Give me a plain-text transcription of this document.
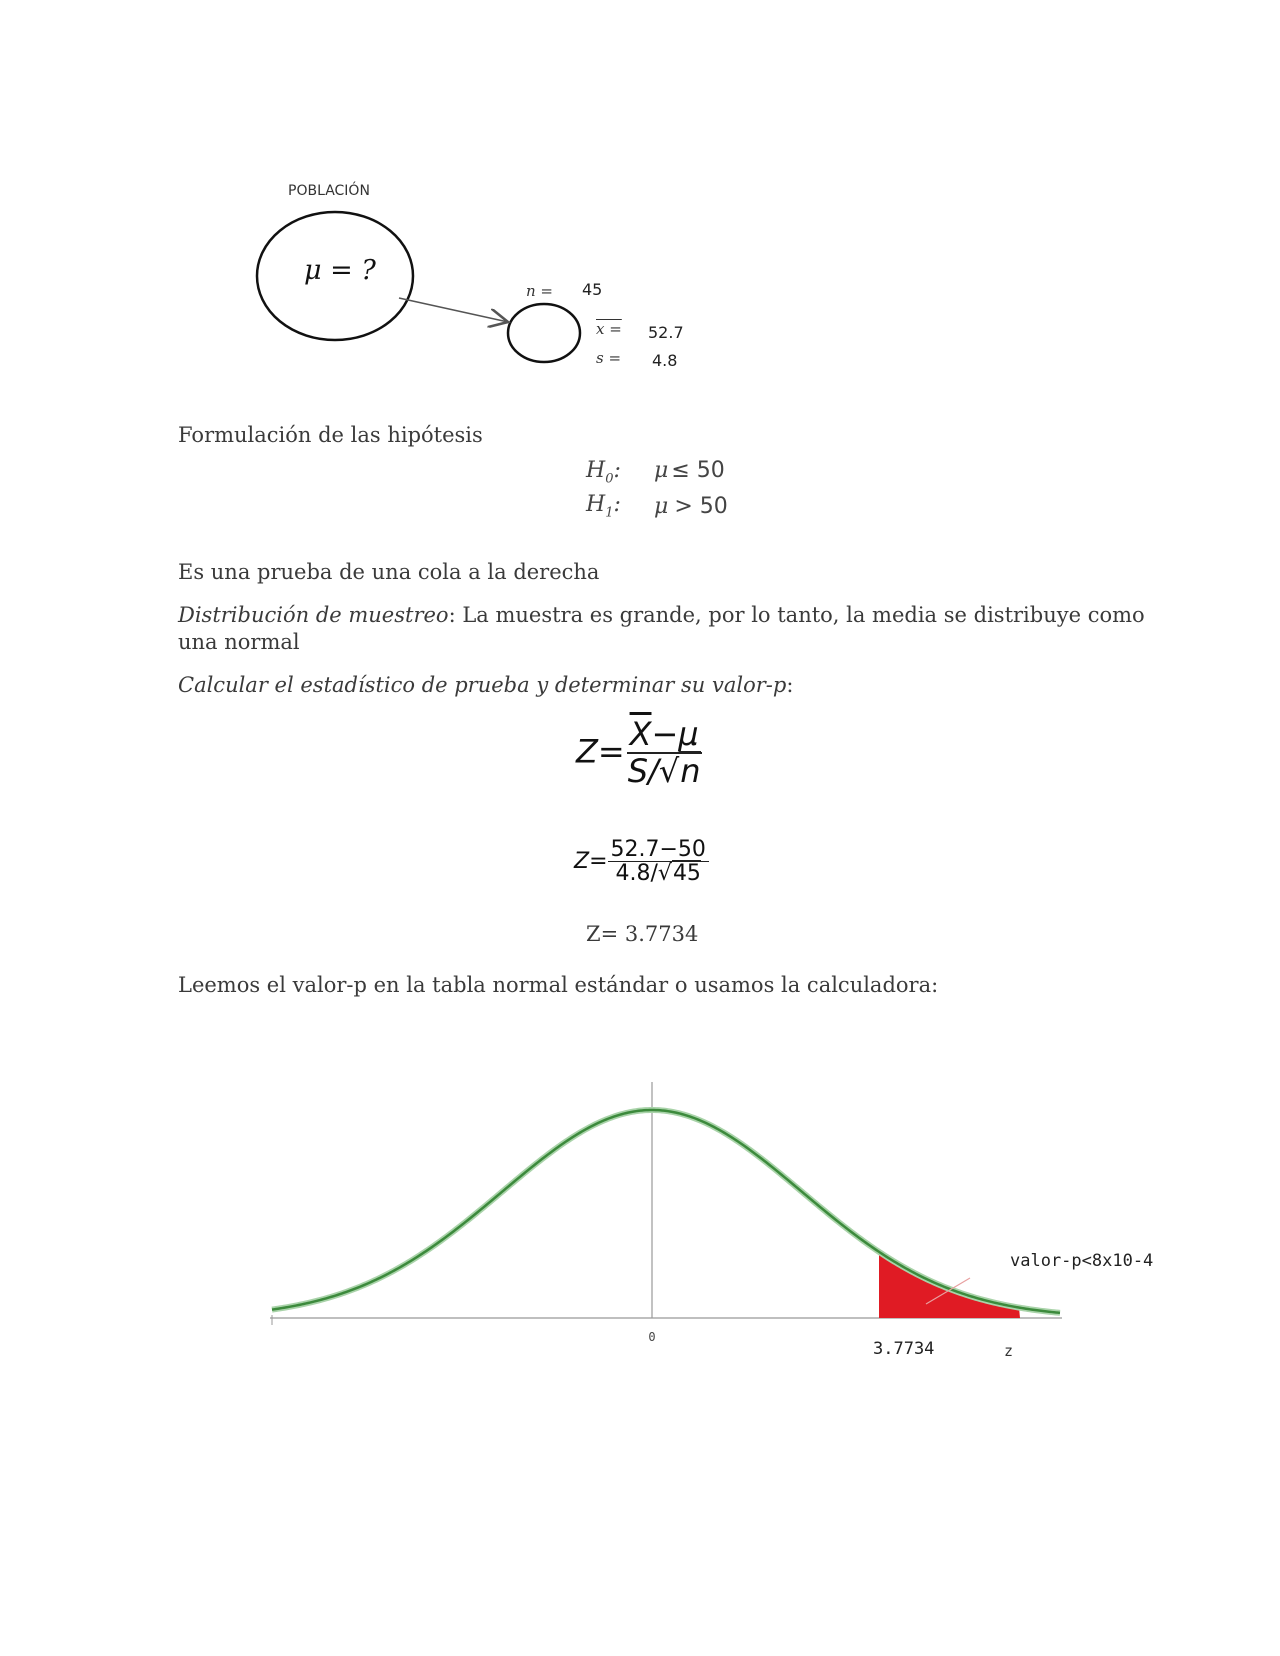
POBLACIÓN
μ = ?
n = 45
x = 52.7
s = 4.8
Formulación de las hipótesis
$H_0$: μ ≤ 50
$H_1$: μ > 50
Es una prueba de una cola a la derecha
Distribución de muestreo: La muestra es grande, por lo tanto, la media se distribuye como
una normal
Calcular el estadístico de prueba y determinar su valor-p:
$Z= \frac{\overline{X}-\mu}{S/√n}$
$Z= \frac{52.7-50}{4.8/√45}$
Z= 3.7734
Leemos el valor-p en la tabla normal estándar o usamos la calculadora:
0
3.7734	z
valor-p<8x10-4
